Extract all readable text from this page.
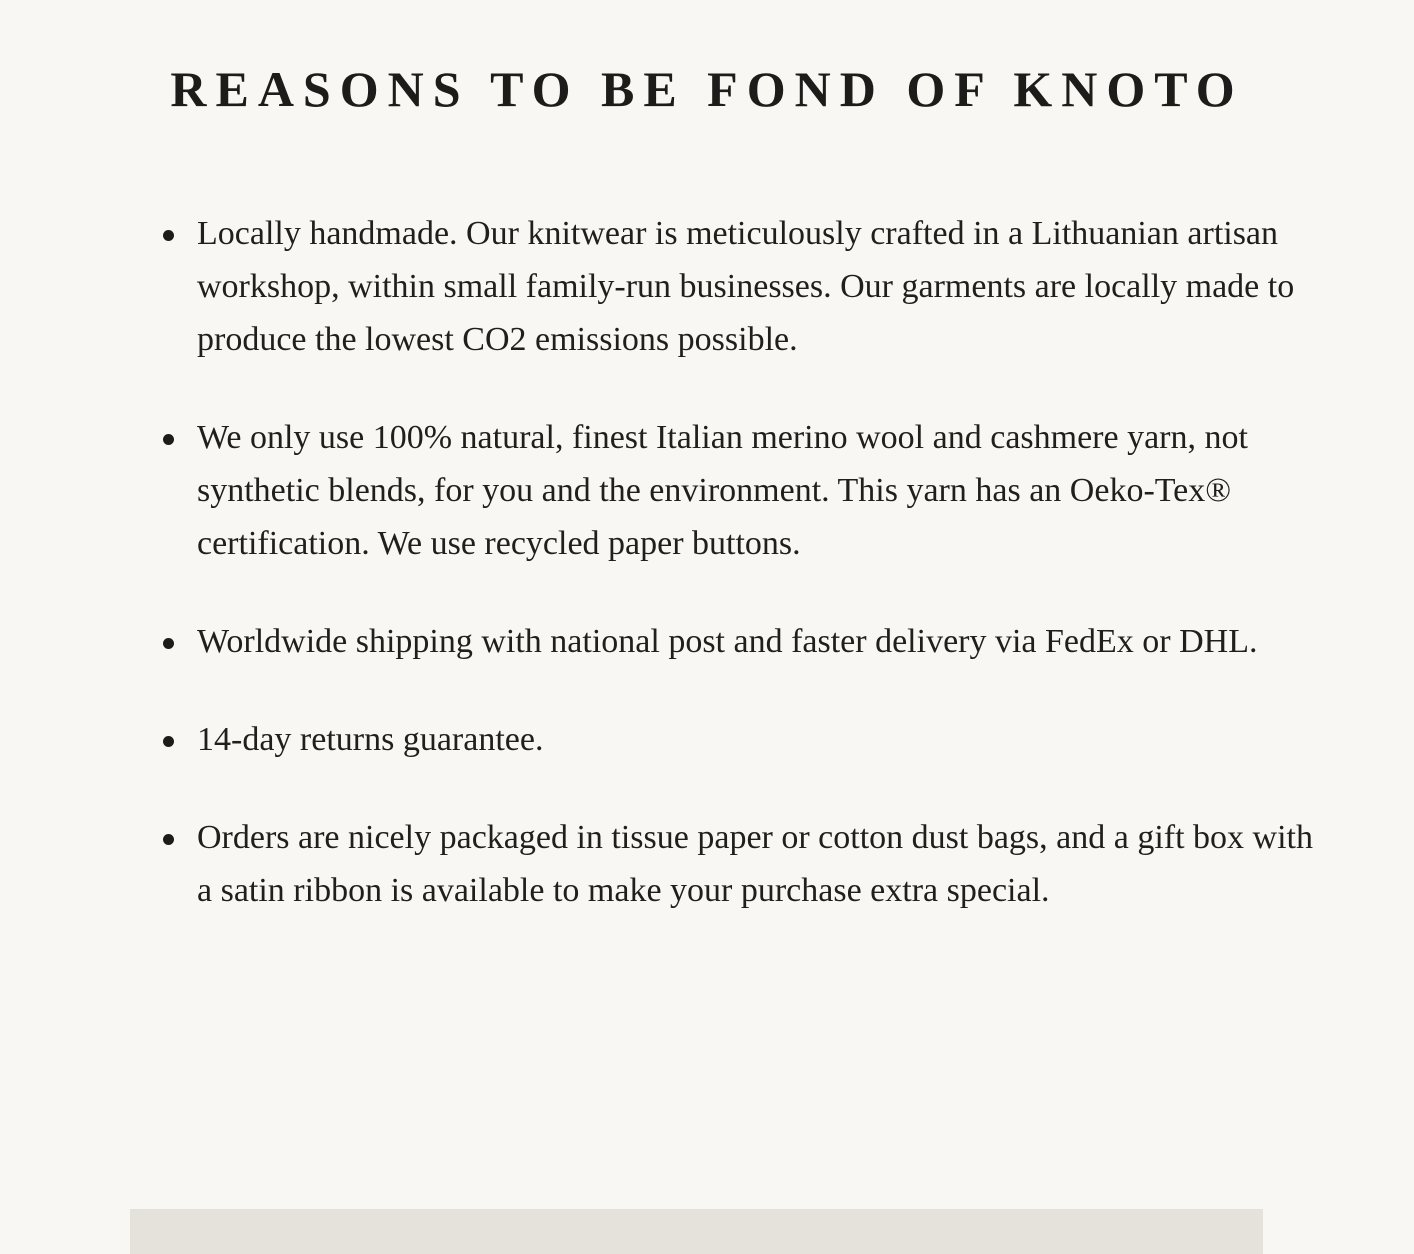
REASONS TO BE FOND OF KNOTO
Locally handmade. Our knitwear is meticulously crafted in a Lithuanian artisan workshop, within small family-run businesses. Our garments are locally made to produce the lowest CO2 emissions possible.
We only use 100% natural, finest Italian merino wool and cashmere yarn, not synthetic blends, for you and the environment. This yarn has an Oeko-Tex® certification. We use recycled paper buttons.
Worldwide shipping with national post and faster delivery via FedEx or DHL.
14-day returns guarantee.
Orders are nicely packaged in tissue paper or cotton dust bags, and a gift box with a satin ribbon is available to make your purchase extra special.
